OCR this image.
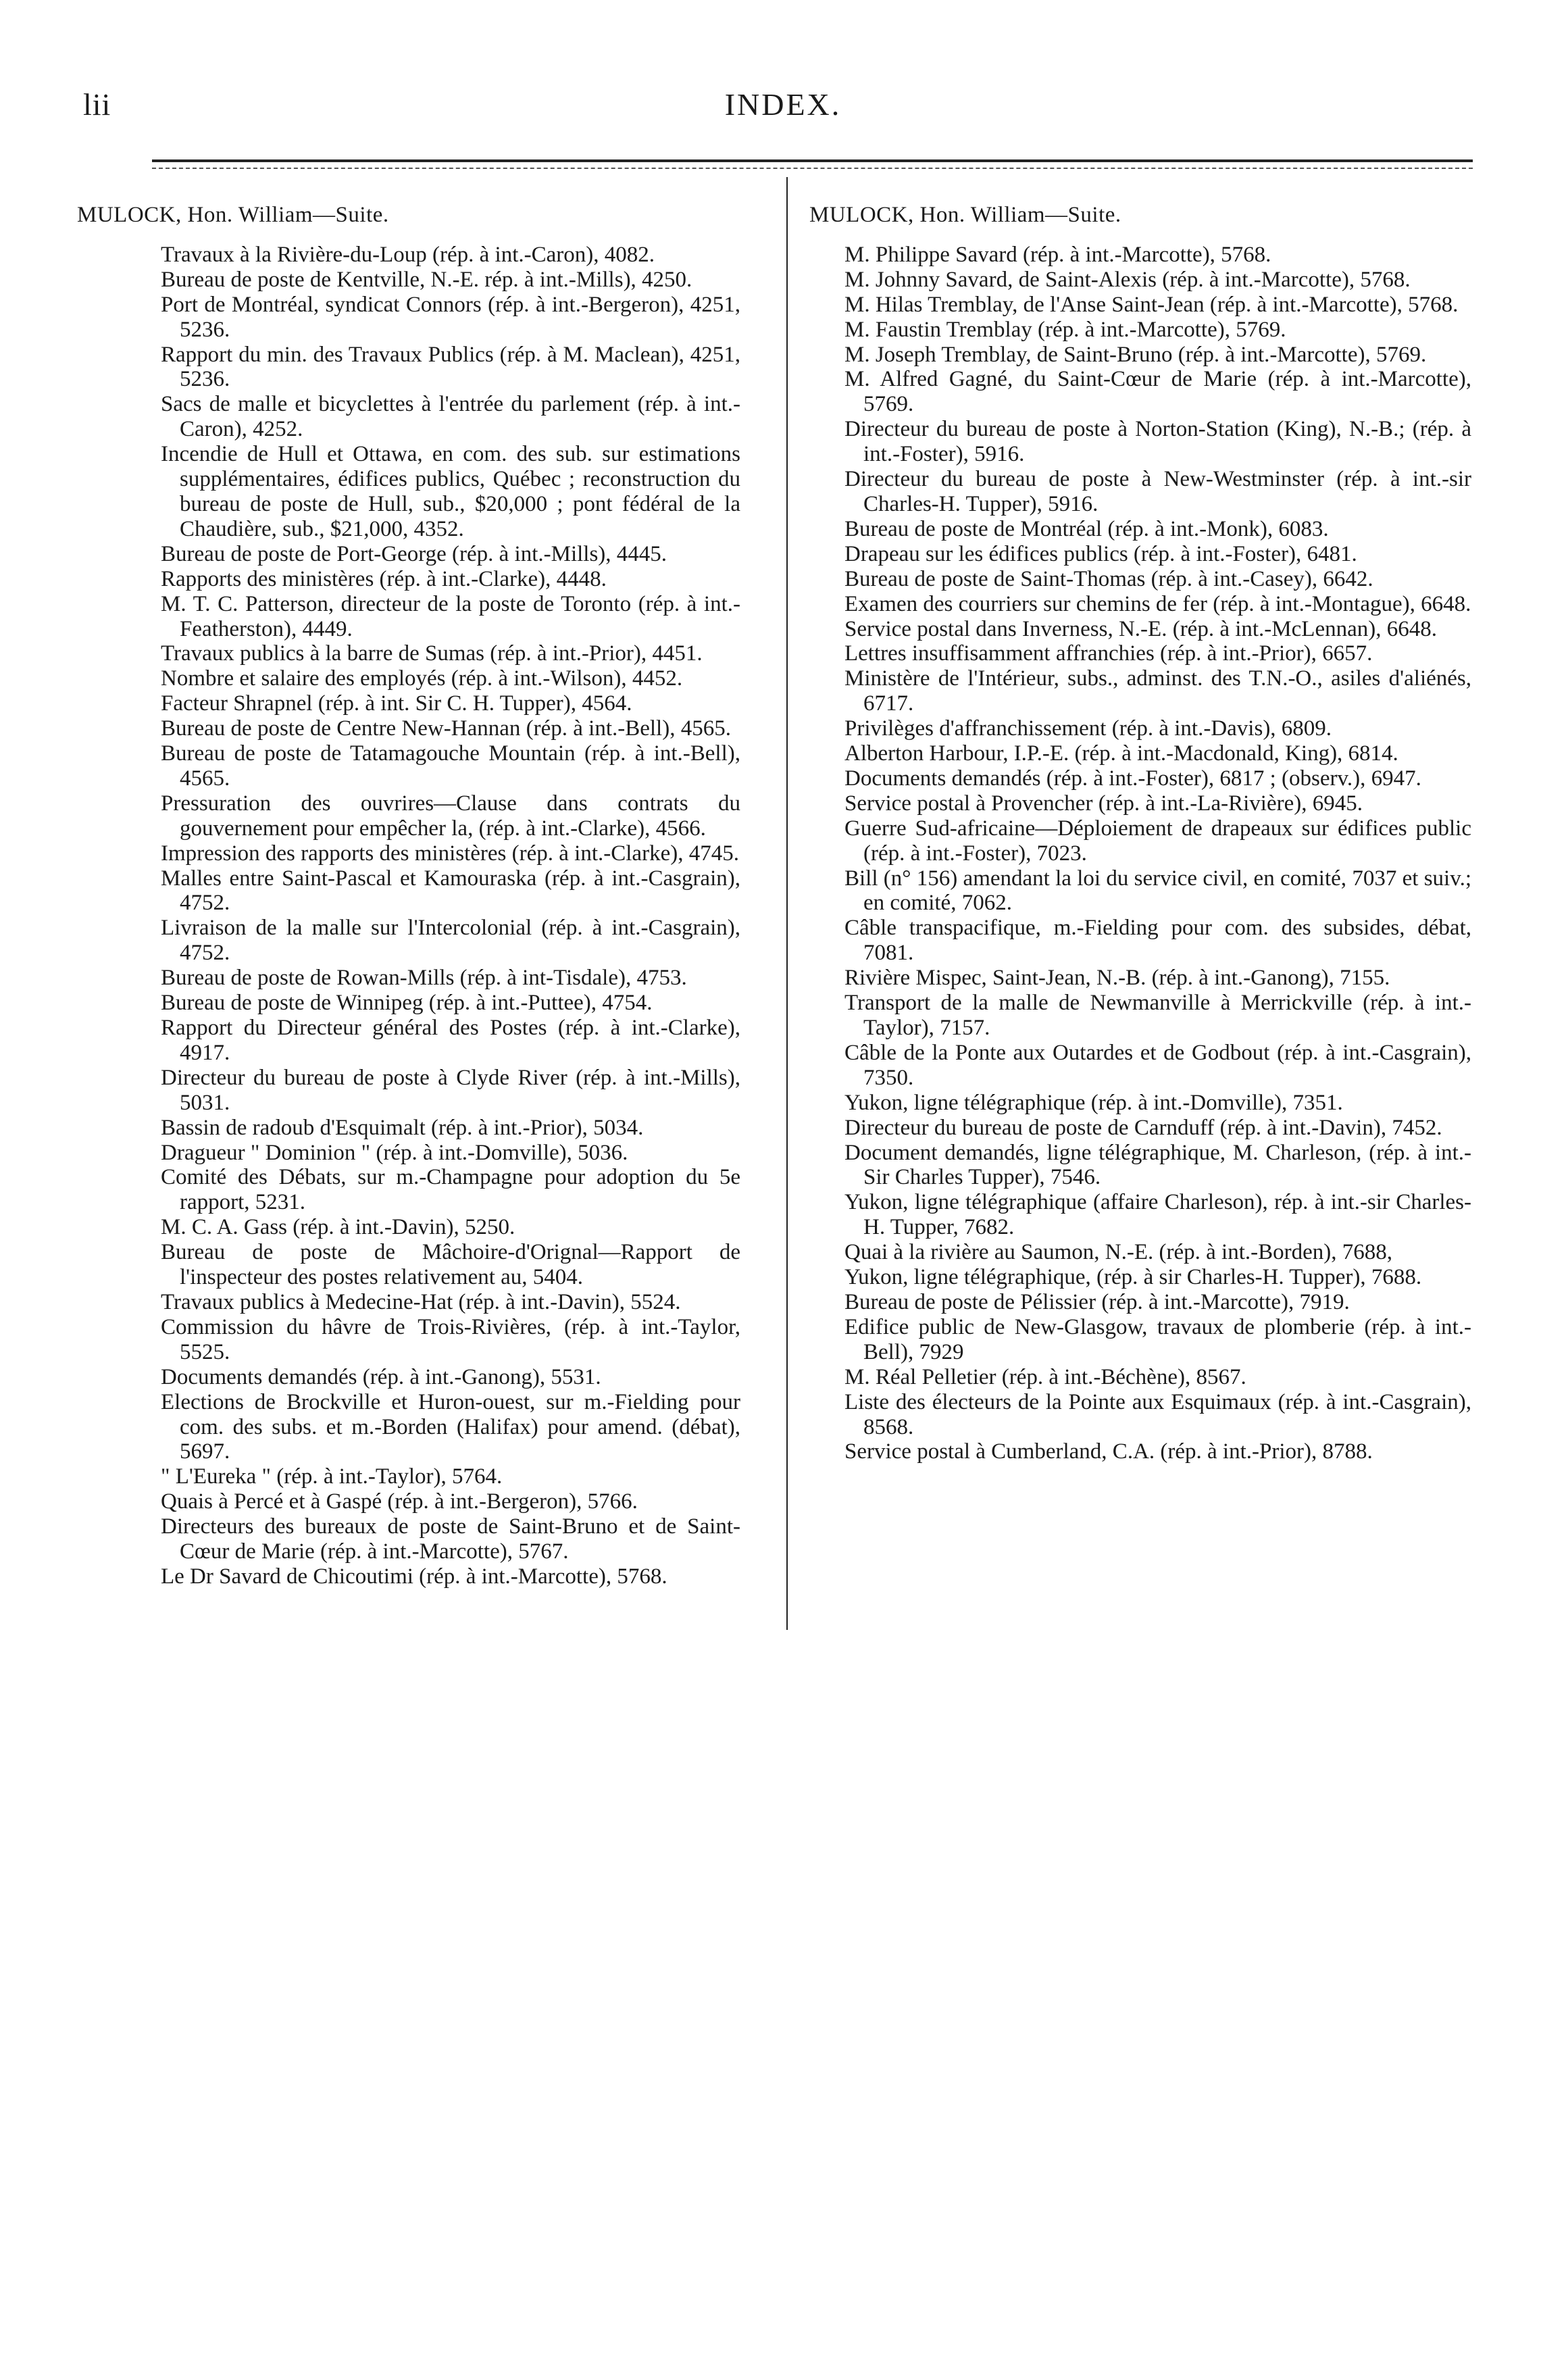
lii	INDEX.

MULOCK, Hon. William—Suite.

Travaux à la Rivière-du-Loup (rép. à int.-Caron), 4082.

Bureau de poste de Kentville, N.-E. rép. à int.-Mills), 4250.

Port de Montréal, syndicat Connors (rép. à int.-Bergeron), 4251, 5236.

Rapport du min. des Travaux Publics (rép. à M. Maclean), 4251, 5236.

Sacs de malle et bicyclettes à l'entrée du parlement (rép. à int.-Caron), 4252.

Incendie de Hull et Ottawa, en com. des sub. sur estimations supplémentaires, édifices publics, Québec ; reconstruction du bureau de poste de Hull, sub., $20,000 ; pont fédéral de la Chaudière, sub., $21,000, 4352.

Bureau de poste de Port-George (rép. à int.-Mills), 4445.

Rapports des ministères (rép. à int.-Clarke), 4448.

M. T. C. Patterson, directeur de la poste de Toronto (rép. à int.-Featherston), 4449.

Travaux publics à la barre de Sumas (rép. à int.-Prior), 4451.

Nombre et salaire des employés (rép. à int.-Wilson), 4452.

Facteur Shrapnel (rép. à int. Sir C. H. Tupper), 4564.

Bureau de poste de Centre New-Hannan (rép. à int.-Bell), 4565.

Bureau de poste de Tatamagouche Mountain (rép. à int.-Bell), 4565.

Pressuration des ouvrires—Clause dans contrats du gouvernement pour empêcher la, (rép. à int.-Clarke), 4566.

Impression des rapports des ministères (rép. à int.-Clarke), 4745.

Malles entre Saint-Pascal et Kamouraska (rép. à int.-Casgrain), 4752.

Livraison de la malle sur l'Intercolonial (rép. à int.-Casgrain), 4752.

Bureau de poste de Rowan-Mills (rép. à int-Tisdale), 4753.

Bureau de poste de Winnipeg (rép. à int.-Puttee), 4754.

Rapport du Directeur général des Postes (rép. à int.-Clarke), 4917.

Directeur du bureau de poste à Clyde River (rép. à int.-Mills), 5031.

Bassin de radoub d'Esquimalt (rép. à int.-Prior), 5034.

Dragueur " Dominion " (rép. à int.-Domville), 5036.

Comité des Débats, sur m.-Champagne pour adoption du 5e rapport, 5231.

M. C. A. Gass (rép. à int.-Davin), 5250.

Bureau de poste de Mâchoire-d'Orignal—Rapport de l'inspecteur des postes relativement au, 5404.

Travaux publics à Medecine-Hat (rép. à int.-Davin), 5524.

Commission du hâvre de Trois-Rivières, (rép. à int.-Taylor, 5525.

Documents demandés (rép. à int.-Ganong), 5531.

Elections de Brockville et Huron-ouest, sur m.-Fielding pour com. des subs. et m.-Borden (Halifax) pour amend. (débat), 5697.

" L'Eureka " (rép. à int.-Taylor), 5764.

Quais à Percé et à Gaspé (rép. à int.-Bergeron), 5766.

Directeurs des bureaux de poste de Saint-Bruno et de Saint-Cœur de Marie (rép. à int.-Marcotte), 5767.

Le Dr Savard de Chicoutimi (rép. à int.-Marcotte), 5768.

MULOCK, Hon. William—Suite.

M. Philippe Savard (rép. à int.-Marcotte), 5768.

M. Johnny Savard, de Saint-Alexis (rép. à int.-Marcotte), 5768.

M. Hilas Tremblay, de l'Anse Saint-Jean (rép. à int.-Marcotte), 5768.

M. Faustin Tremblay (rép. à int.-Marcotte), 5769.

M. Joseph Tremblay, de Saint-Bruno (rép. à int.-Marcotte), 5769.

M. Alfred Gagné, du Saint-Cœur de Marie (rép. à int.-Marcotte), 5769.

Directeur du bureau de poste à Norton-Station (King), N.-B.; (rép. à int.-Foster), 5916.

Directeur du bureau de poste à New-Westminster (rép. à int.-sir Charles-H. Tupper), 5916.

Bureau de poste de Montréal (rép. à int.-Monk), 6083.

Drapeau sur les édifices publics (rép. à int.-Foster), 6481.

Bureau de poste de Saint-Thomas (rép. à int.-Casey), 6642.

Examen des courriers sur chemins de fer (rép. à int.-Montague), 6648.

Service postal dans Inverness, N.-E. (rép. à int.-McLennan), 6648.

Lettres insuffisamment affranchies (rép. à int.-Prior), 6657.

Ministère de l'Intérieur, subs., adminst. des T.N.-O., asiles d'aliénés, 6717.

Privilèges d'affranchissement (rép. à int.-Davis), 6809.

Alberton Harbour, I.P.-E. (rép. à int.-Macdonald, King), 6814.

Documents demandés (rép. à int.-Foster), 6817 ; (observ.), 6947.

Service postal à Provencher (rép. à int.-La-Rivière), 6945.

Guerre Sud-africaine—Déploiement de drapeaux sur édifices public (rép. à int.-Foster), 7023.

Bill (n° 156) amendant la loi du service civil, en comité, 7037 et suiv.; en comité, 7062.

Câble transpacifique, m.-Fielding pour com. des subsides, débat, 7081.

Rivière Mispec, Saint-Jean, N.-B. (rép. à int.-Ganong), 7155.

Transport de la malle de Newmanville à Merrickville (rép. à int.-Taylor), 7157.

Câble de la Ponte aux Outardes et de Godbout (rép. à int.-Casgrain), 7350.

Yukon, ligne télégraphique (rép. à int.-Domville), 7351.

Directeur du bureau de poste de Carnduff (rép. à int.-Davin), 7452.

Document demandés, ligne télégraphique, M. Charleson, (rép. à int.-Sir Charles Tupper), 7546.

Yukon, ligne télégraphique (affaire Charleson), rép. à int.-sir Charles-H. Tupper, 7682.

Quai à la rivière au Saumon, N.-E. (rép. à int.-Borden), 7688,

Yukon, ligne télégraphique, (rép. à sir Charles-H. Tupper), 7688.

Bureau de poste de Pélissier (rép. à int.-Marcotte), 7919.

Edifice public de New-Glasgow, travaux de plomberie (rép. à int.-Bell), 7929

M. Réal Pelletier (rép. à int.-Béchène), 8567.

Liste des électeurs de la Pointe aux Esquimaux (rép. à int.-Casgrain), 8568.

Service postal à Cumberland, C.A. (rép. à int.-Prior), 8788.
